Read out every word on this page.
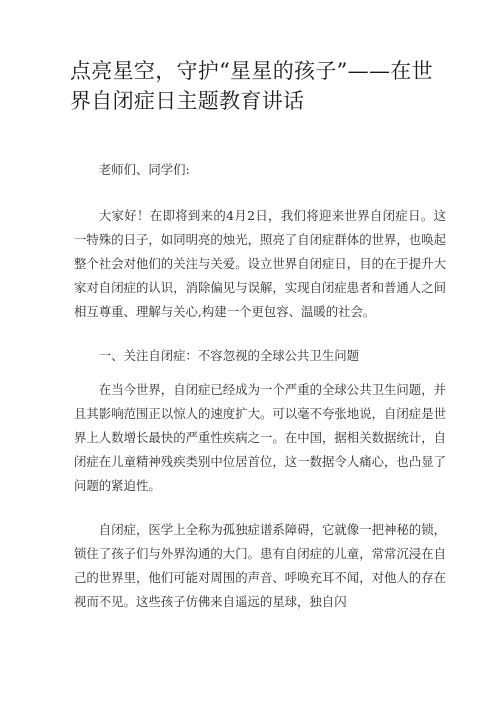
点亮星空，守护“星星的孩子”——在世界自闭症日主题教育讲话

老师们、同学们:

大家好！在即将到来的4月2日，我们将迎来世界自闭症日。这一特殊的日子，如同明亮的烛光，照亮了自闭症群体的世界，也唤起整个社会对他们的关注与关爱。设立世界自闭症日，目的在于提升大家对自闭症的认识，消除偏见与误解，实现自闭症患者和普通人之间相互尊重、理解与关心,构建一个更包容、温暖的社会。

一、关注自闭症：不容忽视的全球公共卫生问题

在当今世界，自闭症已经成为一个严重的全球公共卫生问题，并且其影响范围正以惊人的速度扩大。可以毫不夸张地说，自闭症是世界上人数增长最快的严重性疾病之一。在中国，据相关数据统计，自闭症在儿童精神残疾类别中位居首位，这一数据令人痛心，也凸显了问题的紧迫性。

自闭症，医学上全称为孤独症谱系障碍，它就像一把神秘的锁，锁住了孩子们与外界沟通的大门。患有自闭症的儿童，常常沉浸在自己的世界里，他们可能对周围的声音、呼唤充耳不闻，对他人的存在视而不见。这些孩子仿佛来自遥远的星球，独自闪
